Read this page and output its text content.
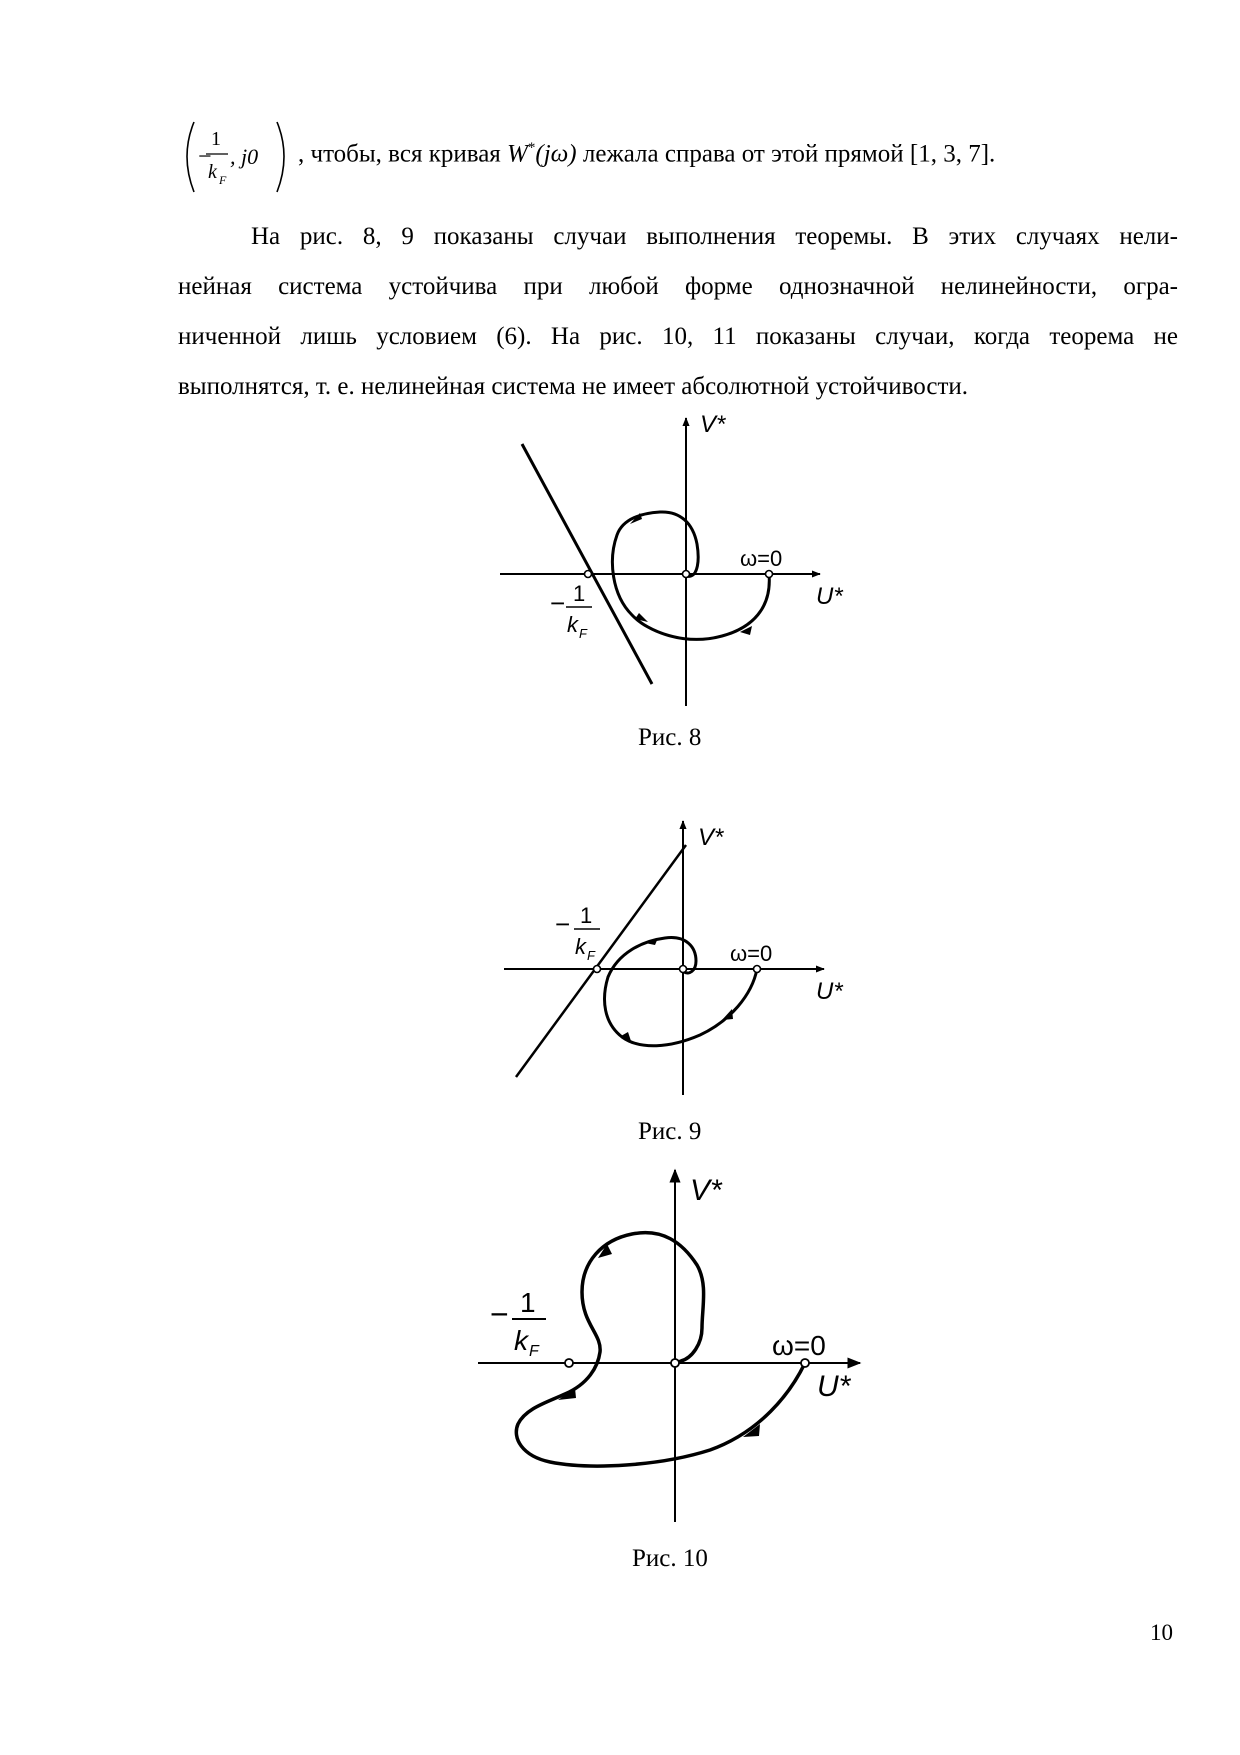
−
1
k F
, j0 , чтобы, вся кривая W*(jω) лежала справа от этой прямой [1, 3, 7].
На рис. 8, 9 показаны случаи выполнения теоремы. В этих случаях нели-
нейная система устойчива при любой форме однозначной нелинейности, огра-
ниченной лишь условием (6). На рис. 10, 11 показаны случаи, когда теорема не
выполнятся, т. е. нелинейная система не имеет абсолютной устойчивости.
V*
U*
ω=0
− 1
k F
Рис. 8
V*
U*
ω=0
− 1
k F
Рис. 9
V*
U*
ω=0
− 1
k F
Рис. 10
10
